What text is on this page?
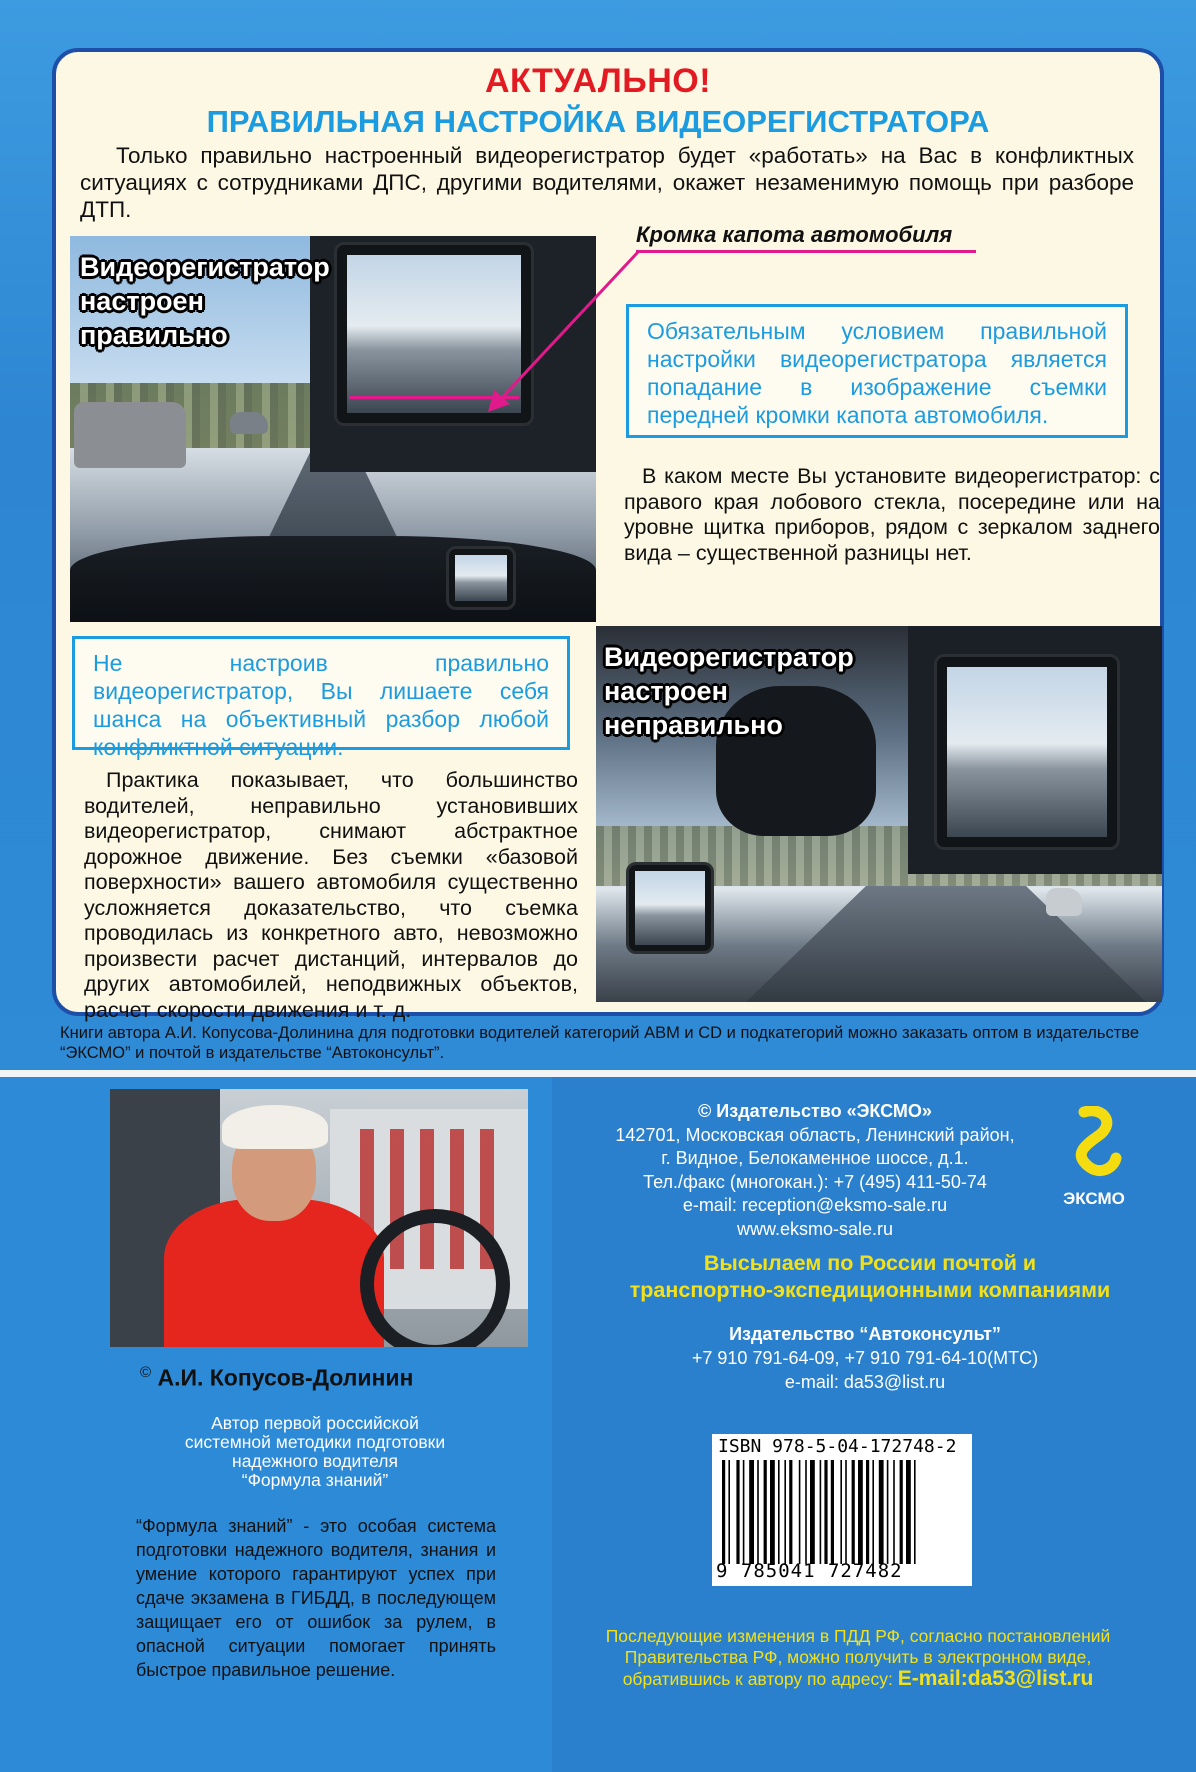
АКТУАЛЬНО!
ПРАВИЛЬНАЯ НАСТРОЙКА ВИДЕОРЕГИСТРАТОРА
Только правильно настроенный видеорегистратор будет «работать» на Вас в конфликтных ситуациях с сотрудниками ДПС, другими водителями, окажет незаменимую помощь при разборе ДТП.
Видеорегистратор
настроен
правильно
Кромка капота автомобиля
Обязательным условием правильной настройки видеорегистратора является попадание в изображение съемки передней кромки капота автомобиля.
В каком месте Вы установите видеорегистратор: с правого края лобового стекла, посередине или на уровне щитка приборов, рядом с зеркалом заднего вида – существенной разницы нет.
Не настроив правильно видеорегистратор, Вы лишаете себя шанса на объективный разбор любой конфликтной ситуации.
Практика показывает, что большинство водителей, неправильно установивших видеорегистратор, снимают абстрактное дорожное движение. Без съемки «базовой поверхности» вашего автомобиля существенно усложняется доказательство, что съемка проводилась из конкретного авто, невозможно произвести расчет дистанций, интервалов до других автомобилей, неподвижных объектов, расчет скорости движения и т. д.
Видеорегистратор
настроен
неправильно
Книги автора А.И. Копусова-Долинина для подготовки водителей категорий ABM и CD и подкатегорий можно заказать оптом в издательстве “ЭКСМО” и почтой в издательстве “Автоконсульт”.
© А.И. Копусов-Долинин
Автор первой российской
системной методики подготовки
надежного водителя
“Формула знаний”
“Формула знаний” - это особая система подготовки надежного водителя, знания и умение которого гарантируют успех при сдаче экзамена в ГИБДД, в последующем защищает его от ошибок за рулем, в опасной ситуации помогает принять быстрое правильное решение.
© Издательство «ЭКСМО»
142701, Московская область, Ленинский район,
г. Видное, Белокаменное шоссе, д.1.
Тел./факс (многокан.): +7 (495) 411-50-74
e-mail: reception@eksmo-sale.ru
www.eksmo-sale.ru
ЭКСМО
Высылаем по России почтой и
транспортно-экспедиционными компаниями
Издательство “Автоконсульт”
+7 910 791-64-09, +7 910 791-64-10(МТС)
e-mail: da53@list.ru
ISBN 978-5-04-172748-2
9 785041 727482
Последующие изменения в ПДД РФ, согласно постановлений
Правительства РФ, можно получить в электронном виде,
обратившись к автору по адресу: E-mail:da53@list.ru
